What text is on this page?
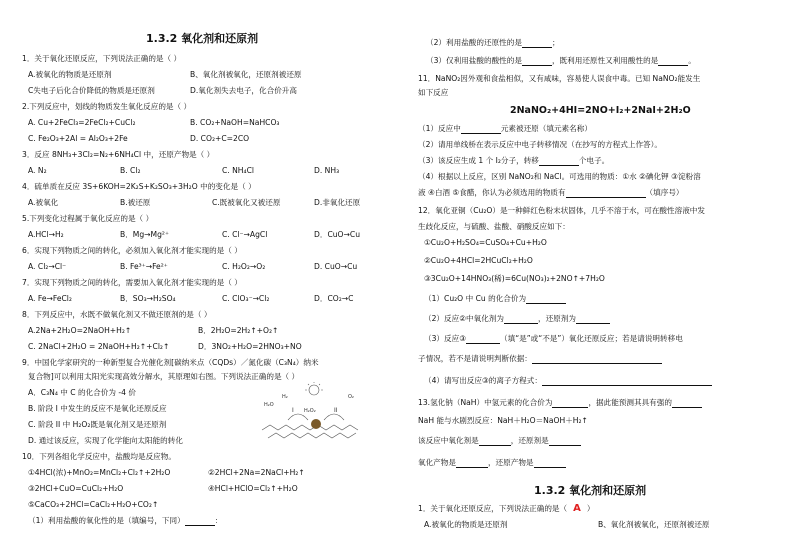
1.3.2 氧化剂和还原剂
1．关于氧化还原反应，下列说法正确的是（ ）
A.被氧化的物质是还原剂	B、氧化剂被氧化，还原剂被还原
C失电子后化合价降低的物质是还原剂	D.氧化剂失去电子，化合价升高
2.下列反应中，划线的物质发生氧化反应的是（ ）
A. Cu+2FeCl₃=2FeCl₂+CuCl₂	B. CO₂+NaOH=NaHCO₃
C. Fe₂O₃+2Al = Al₂O₃+2Fe	D. CO₂+C=2CO
3．反应 8NH₃+3Cl₂=N₂+6NH₄Cl 中，还原产物是（ ）
A. N₂	B. Cl₂	C. NH₄Cl	D. NH₃
4．硫单质在反应 3S+6KOH=2K₂S+K₂SO₃+3H₂O 中的变化是（ ）
A.被氧化	B.被还原	C.既被氧化又被还原	D.非氧化还原
5.下列变化过程属于氧化反应的是（ ）
A.HCl→H₂	B．Mg→Mg²⁺	C. Cl⁻→AgCl	D．CuO→Cu
6．实现下列物质之间的转化，必须加入氧化剂才能实现的是（ ）
A. Cl₂→Cl⁻	B. Fe³⁺→Fe²⁺	C. H₂O₂→O₂	D. CuO→Cu
7．实现下列物质之间的转化，需要加入氧化剂才能实现的是（ ）
A. Fe→FeCl₂	B．SO₃→H₂SO₄	C. ClO₃⁻→Cl₂	D．CO₂→C
8．下列反应中，水既不做氧化剂又不做还原剂的是（ ）
A.2Na+2H₂O=2NaOH+H₂↑	B．2H₂O=2H₂↑+O₂↑
C. 2NaCl+2H₂O = 2NaOH+H₂↑+Cl₂↑	D．3NO₂+H₂O=2HNO₃+NO
9．中国化学家研究的一种新型复合光催化剂[碳纳米点（CQDs）／氮化碳（C₃N₄）纳米
复合物]可以利用太阳光实现高效分解水，其原理如右图。下列说法正确的是（ ）
A．C₃N₄ 中 C 的化合价为 -4 价
B. 阶段 I 中发生的反应不是氧化还原反应
C. 阶段 II 中 H₂O₂既是氧化剂又是还原剂
D. 通过该反应，实现了化学能向太阳能的转化
I	II
H₂O
H₂	O₂
H₂O₂
10．下列各组化学反应中，盐酸均是反应物。
①4HCl(浓)+MnO₂=MnCl₂+Cl₂↑+2H₂O	②2HCl+2Na=2NaCl+H₂↑
③2HCl+CuO=CuCl₂+H₂O	④HCl+HClO=Cl₂↑+H₂O
⑤CaCO₃+2HCl=CaCl₂+H₂O+CO₂↑
（1）利用盐酸的氧化性的是（填编号，下同）	：
（2）利用盐酸的还原性的是	；
（3）仅利用盐酸的酸性的是	，既利用还原性又利用酸性的是	。
11．NaNO₂因外观和食盐相似，又有咸味，容易使人误食中毒。已知 NaNO₂能发生
如下反应
2NaNO₂+4HI=2NO+I₂+2NaI+2H₂O
（1）反应中	元素被还原（填元素名称）
（2）请用单线桥在表示反应中电子转移情况（在抄写的方程式上作答）。
（3）该反应生成 1 个 I₂分子，转移	个电子。
（4）根据以上反应，区别 NaNO₂和 NaCl。可选用的物质：①水 ②碘化钾 ③淀粉溶
液 ④白酒 ⑤食醋，你认为必须选用的物质有	（填序号）
12．氧化亚铜（Cu₂O）是一种鲜红色粉末状固体，几乎不溶于水，可在酸性溶液中发
生歧化反应，与硫酸、盐酸、硝酸反应如下：
①Cu₂O+H₂SO₄=CuSO₄+Cu+H₂O
②Cu₂O+4HCl=2HCuCl₂+H₂O
③3Cu₂O+14HNO₃(稀)=6Cu(NO₃)₂+2NO↑+7H₂O
（1）Cu₂O 中 Cu 的化合价为
（2）反应②中氧化剂为	，还原剂为
（3）反应③	（填“是”或“不是”）氧化还原反应；若是请说明转移电
子情况，若不是请说明判断依据：
（4）请写出反应③的离子方程式：
13.氢化钠（NaH）中氢元素的化合价为	，据此能预测其具有强的
NaH 能与水剧烈反应：NaH＋H₂O＝NaOH＋H₂↑
该反应中氧化剂是	，还原剂是
氧化产物是	，还原产物是
1.3.2 氧化剂和还原剂
1．关于氧化还原反应，下列说法正确的是（ A ）
A.被氧化的物质是还原剂	B、氧化剂被氧化，还原剂被还原
